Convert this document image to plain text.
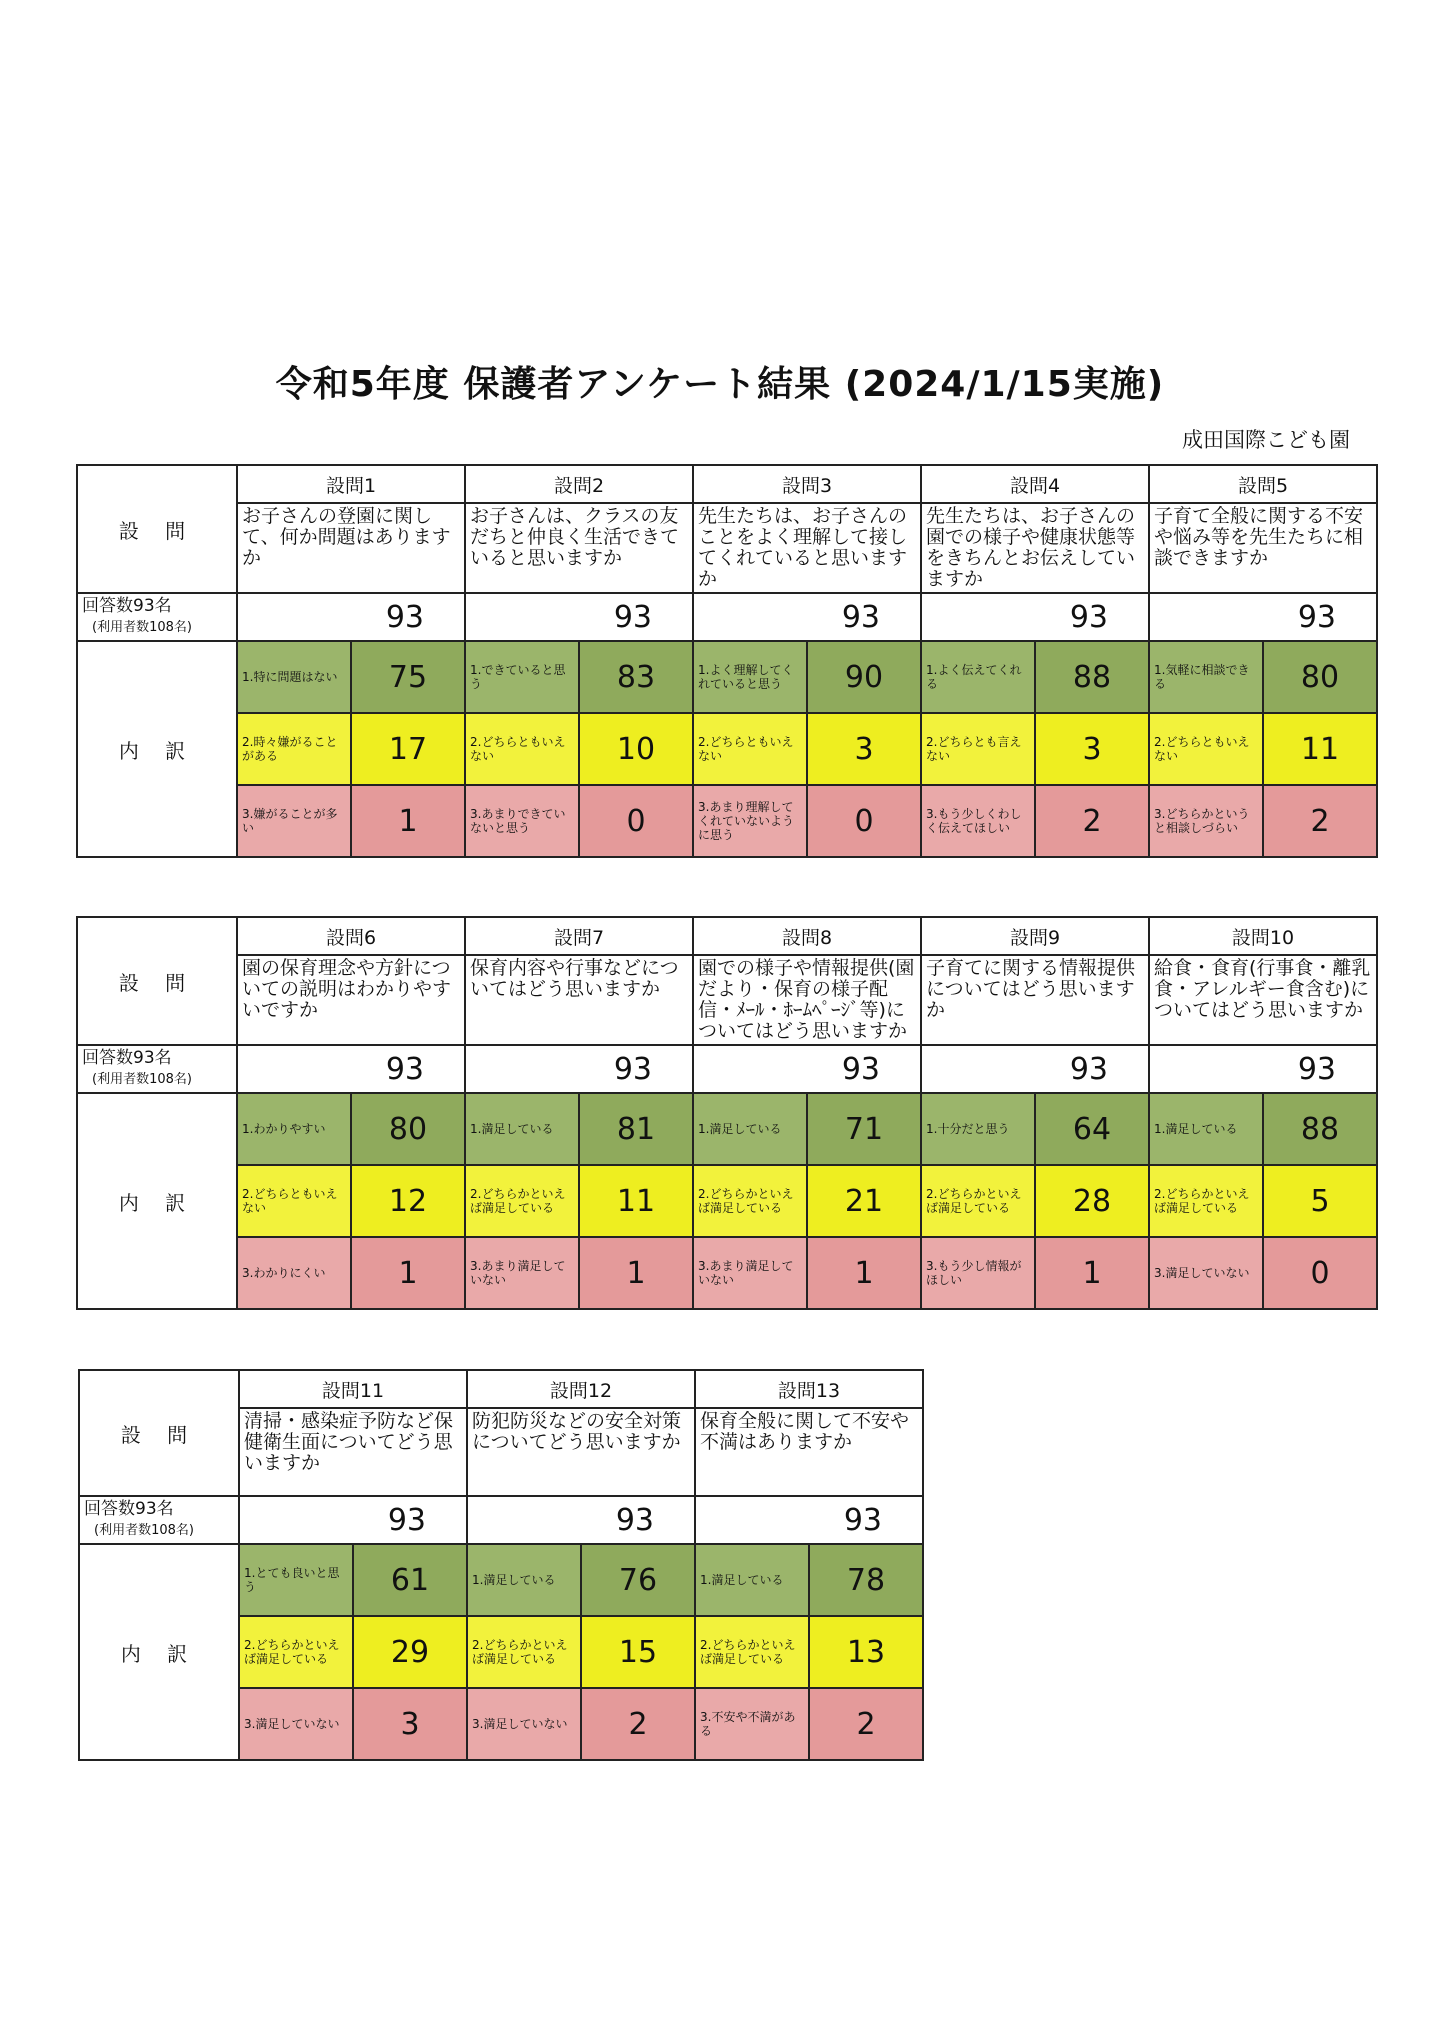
令和5年度 保護者アンケート結果 (2024/1/15実施)
成田国際こども園
設 問	設問1		設問2		設問3		設問4		設問5	
	お子さんの登園に関して、何か問題はありますか		お子さんは、クラスの友だちと仲良く生活できていると思いますか		先生たちは、お子さんのことをよく理解して接してくれていると思いますか		先生たちは、お子さんの園での様子や健康状態等をきちんとお伝えしていますか		子育て全般に関する不安や悩み等を先生たちに相談できますか	
回答数93名
(利用者数108名)	93		93		93		93		93	
内 訳	1.特に問題はない	75	1.できていると思う	83	1.よく理解してくれていると思う	90	1.よく伝えてくれる	88	1.気軽に相談できる	80
	2.時々嫌がることがある	17	2.どちらともいえない	10	2.どちらともいえない	3	2.どちらとも言えない	3	2.どちらともいえない	11
	3.嫌がることが多い	1	3.あまりできていないと思う	0	3.あまり理解してくれていないように思う	0	3.もう少しくわしく伝えてほしい	2	3.どちらかというと相談しづらい	2
設 問	設問6		設問7		設問8		設問9		設問10	
	園の保育理念や方針についての説明はわかりやすいですか		保育内容や行事などについてはどう思いますか		園での様子や情報提供(園だより・保育の様子配信・ﾒｰﾙ・ﾎｰﾑﾍﾟｰｼﾞ等)についてはどう思いますか		子育てに関する情報提供についてはどう思いますか		給食・食育(行事食・離乳食・アレルギー食含む)についてはどう思いますか	
回答数93名
(利用者数108名)	93		93		93		93		93	
内 訳	1.わかりやすい	80	1.満足している	81	1.満足している	71	1.十分だと思う	64	1.満足している	88
	2.どちらともいえない	12	2.どちらかといえば満足している	11	2.どちらかといえば満足している	21	2.どちらかといえば満足している	28	2.どちらかといえば満足している	5
	3.わかりにくい	1	3.あまり満足していない	1	3.あまり満足していない	1	3.もう少し情報がほしい	1	3.満足していない	0
設 問	設問11		設問12		設問13	
	清掃・感染症予防など保健衛生面についてどう思いますか		防犯防災などの安全対策についてどう思いますか		保育全般に関して不安や不満はありますか	
回答数93名
(利用者数108名)	93		93		93	
内 訳	1.とても良いと思う	61	1.満足している	76	1.満足している	78
	2.どちらかといえば満足している	29	2.どちらかといえば満足している	15	2.どちらかといえば満足している	13
	3.満足していない	3	3.満足していない	2	3.不安や不満がある	2
